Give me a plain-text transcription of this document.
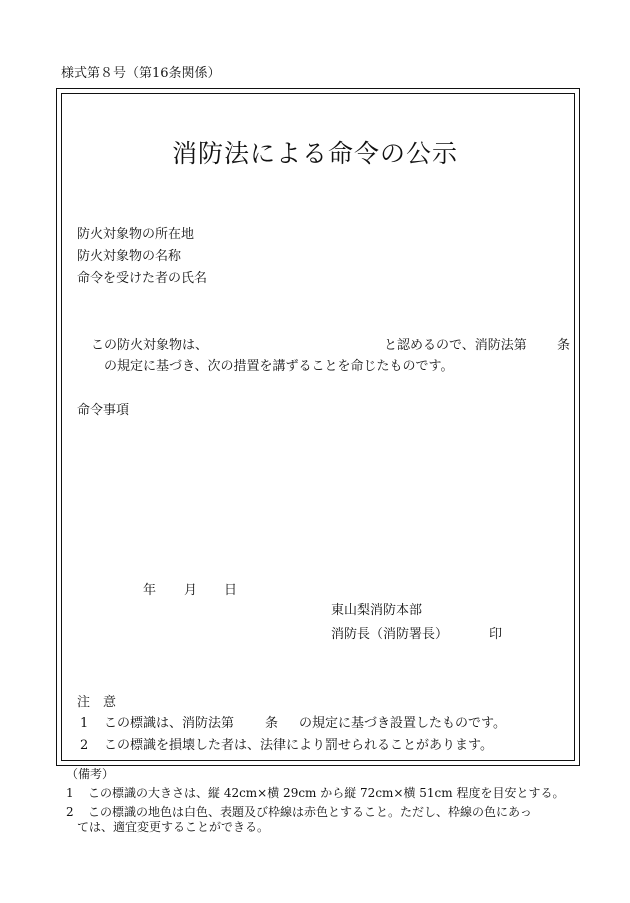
様式第８号（第16条関係）
消防法による命令の公示
防火対象物の所在地
防火対象物の名称
命令を受けた者の氏名
この防火対象物は、	と認めるので、消防法第 条
の規定に基づき、次の措置を講ずることを命じたものです。
命令事項
年 月 日
東山梨消防本部
消防長（消防署長）	印
注　意
1 この標識は、消防法第 条 の規定に基づき設置したものです。
2 この標識を損壊した者は、法律により罰せられることがあります。
（備考）
1 この標識の大きさは、縦 42cm×横 29cm から縦 72cm×横 51cm 程度を目安とする。
2 この標識の地色は白色、表題及び枠線は赤色とすること。ただし、枠線の色にあっ
ては、適宜変更することができる。
